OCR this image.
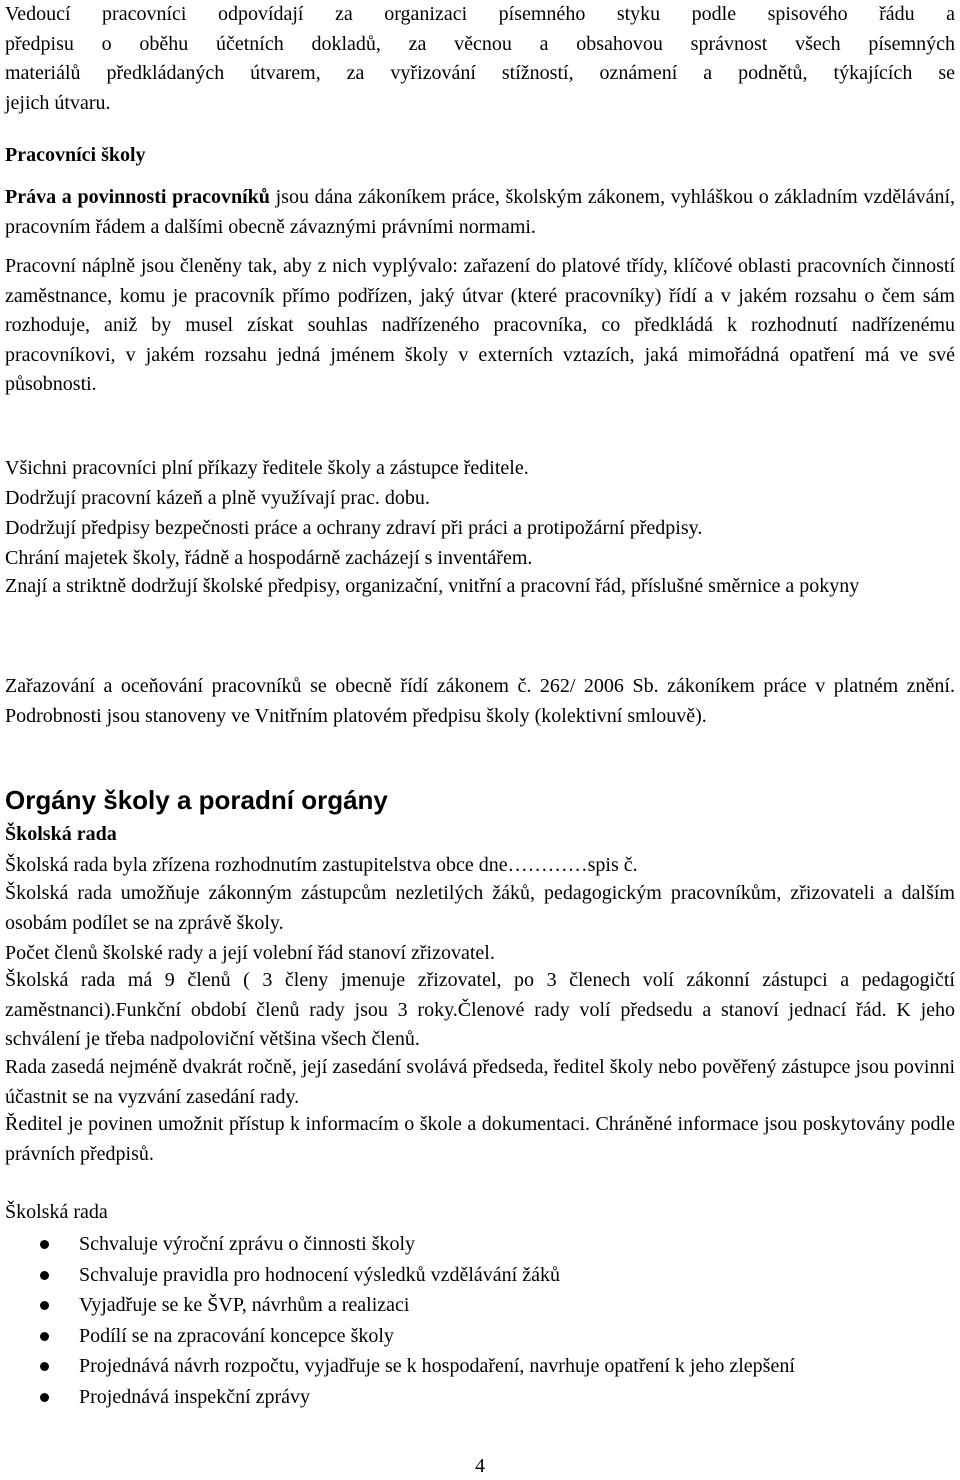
Vedoucí pracovníci odpovídají za organizaci písemného styku podle spisového řádu a
předpisu o oběhu účetních dokladů, za věcnou a obsahovou správnost všech písemných
materiálů předkládaných útvarem, za vyřizování stížností, oznámení a podnětů, týkajících se
jejich útvaru.
Pracovníci školy

Práva a povinnosti pracovníků jsou dána zákoníkem práce, školským zákonem, vyhláškou o základním vzdělávání, pracovním řádem a dalšími obecně závaznými právními normami.

Pracovní náplně jsou členěny tak, aby z nich vyplývalo: zařazení do platové třídy, klíčové oblasti pracovních činností zaměstnance, komu je pracovník přímo podřízen, jaký útvar (které pracovníky) řídí a v jakém rozsahu o čem sám rozhoduje, aniž by musel získat souhlas nadřízeného pracovníka, co předkládá k rozhodnutí nadřízenému pracovníkovi, v jakém rozsahu jedná jménem školy v externích vztazích, jaká mimořádná opatření má ve své působnosti.

Všichni pracovníci plní příkazy ředitele školy a zástupce ředitele.
Dodržují pracovní kázeň a plně využívají prac. dobu.
Dodržují předpisy bezpečnosti práce a ochrany zdraví při práci a protipožární předpisy.
Chrání majetek školy, řádně a hospodárně zacházejí s inventářem.

Znají a striktně dodržují školské předpisy, organizační, vnitřní a pracovní řád, příslušné směrnice a pokyny

Zařazování a oceňování pracovníků se obecně řídí zákonem č. 262/ 2006 Sb. zákoníkem práce v platném znění. Podrobnosti jsou stanoveny ve Vnitřním platovém předpisu školy (kolektivní smlouvě).

Orgány školy a poradní orgány
Školská rada
Školská rada byla zřízena rozhodnutím zastupitelstva obce dne…………spis č.

Školská rada umožňuje zákonným zástupcům nezletilých žáků, pedagogickým pracovníkům, zřizovateli a dalším osobám podílet se na zprávě školy.

Počet členů školské rady a její volební řád stanoví zřizovatel.

Školská rada má 9 členů ( 3 členy jmenuje zřizovatel, po 3 členech volí zákonní zástupci a pedagogičtí zaměstnanci).Funkční období členů rady jsou 3 roky.Členové rady volí předsedu a stanoví jednací řád. K jeho schválení je třeba nadpoloviční většina všech členů.

Rada zasedá nejméně dvakrát ročně, její zasedání svolává předseda, ředitel školy nebo pověřený zástupce jsou povinni účastnit se na vyzvání zasedání rady.

Ředitel je povinen umožnit přístup k informacím o škole a dokumentaci. Chráněné informace jsou poskytovány podle právních předpisů.

Školská rada
Schvaluje výroční zprávu o činnosti školy
Schvaluje pravidla pro hodnocení výsledků vzdělávání žáků
Vyjadřuje se ke ŠVP, návrhům a realizaci
Podílí se na zpracování koncepce školy
Projednává návrh rozpočtu, vyjadřuje se k hospodaření, navrhuje opatření k jeho zlepšení
Projednává inspekční zprávy
4
